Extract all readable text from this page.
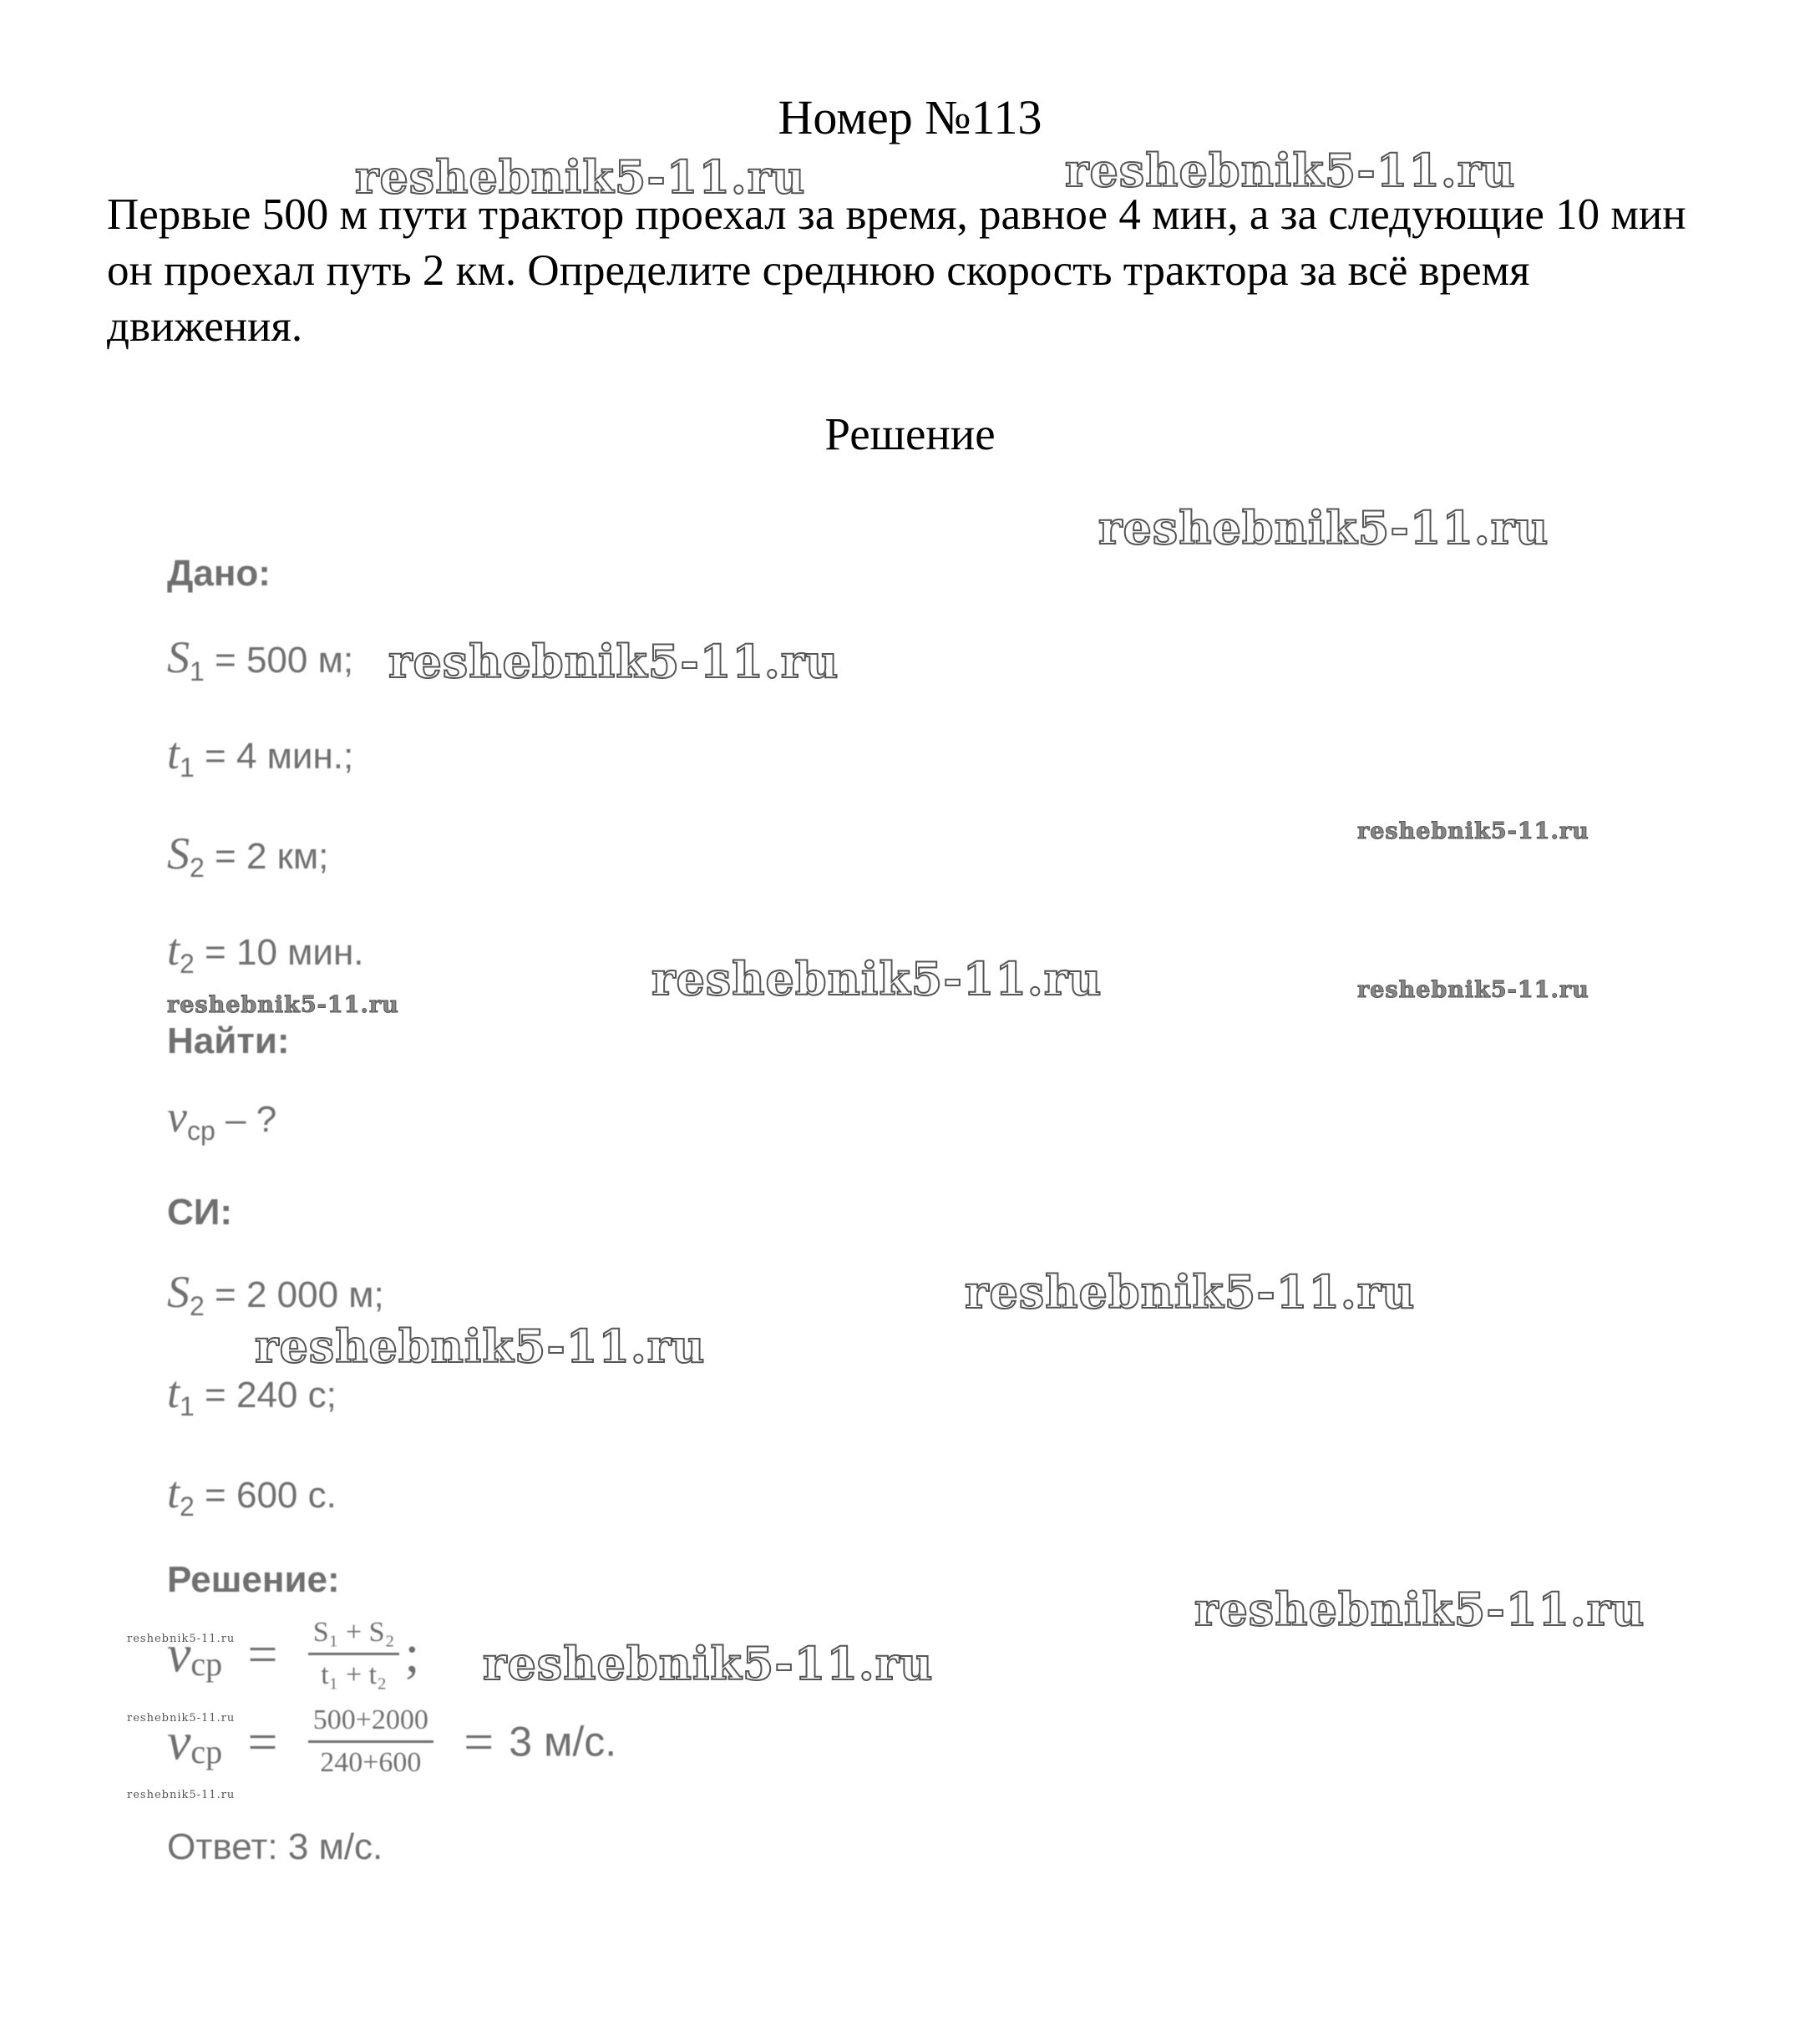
Номер №113
Первые 500 м пути трактор проехал за время, равное 4 мин, а за следующие 10 мин он проехал путь 2 км. Определите среднюю скорость трактора за всё время движения.
Решение
Дано:
$S_1 = 500$ м;
$t_1 = 4$ мин.;
$S_2 = 2$ км;
$t_2 = 10$ мин.
Найти:
$v_{ср}$ – ?
СИ:
$S_2 = 2$ 000 м;
$t_1 = 240$ с;
$t_2 = 600$ с.
Решение:
vср = $\frac{\text{S₁ + S₂}}{\text{t₁ + t₂}}$ ;
vср = $\frac{500+2000}{240+600} = 3$ м/с.
Ответ: 3 м/с.
reshebnik5-11.ru	reshebnik5-11.ru
reshebnik5-11.ru
reshebnik5-11.ru
reshebnik5-11.ru
reshebnik5-11.ru
reshebnik5-11.ru
reshebnik5-11.ru
reshebnik5-11.ru
reshebnik5-11.ru
reshebnik5-11.ru
reshebnik5-11.ru
reshebnik5-11.ru
reshebnik5-11.ru
reshebnik5-11.ru
